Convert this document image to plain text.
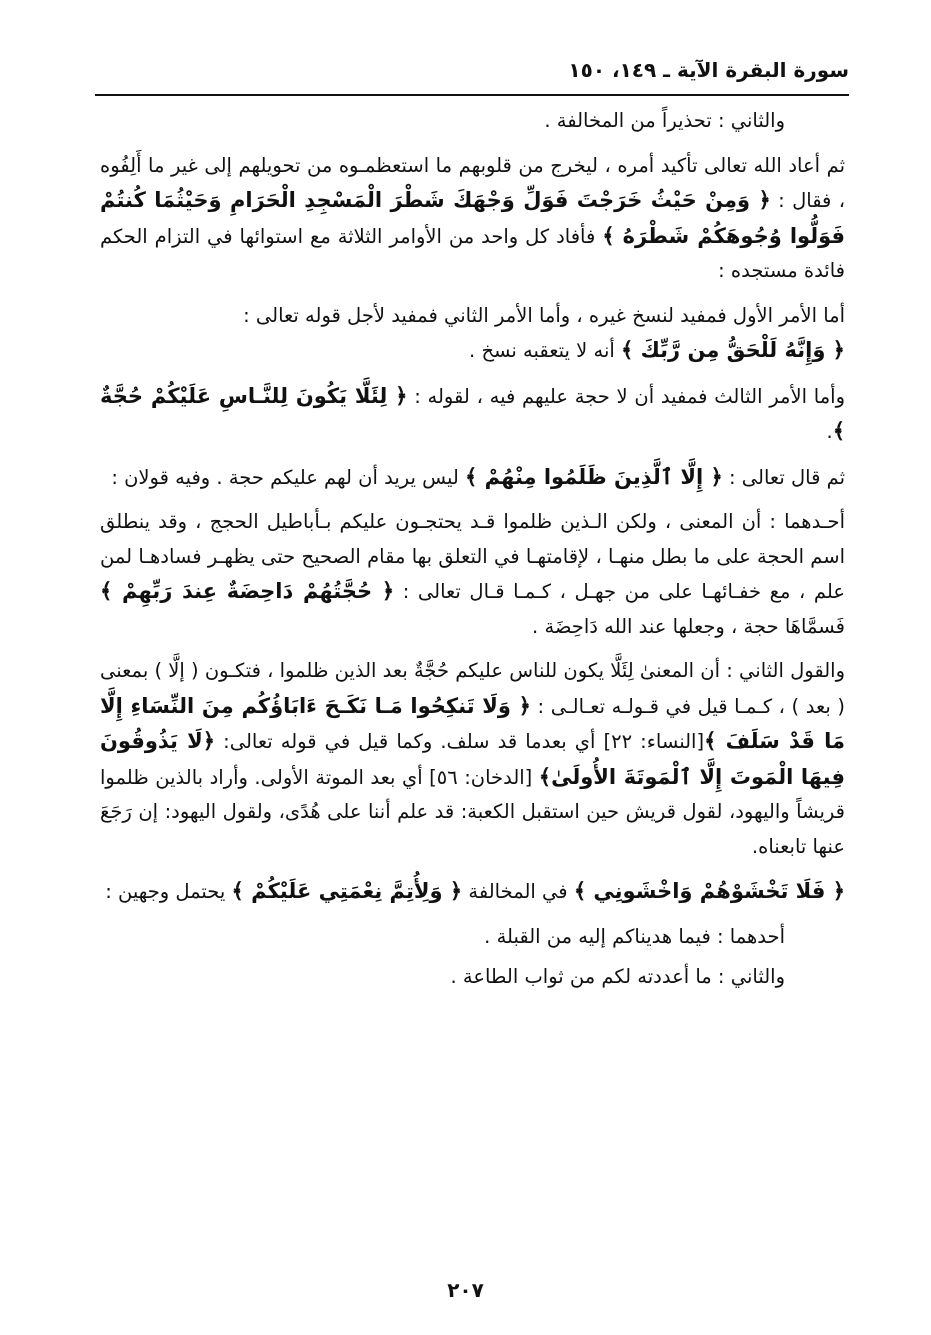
سورة البقرة الآية ـ ١٤٩، ١٥٠

والثاني : تحذيراً من المخالفة .

ثم أعاد الله تعالى تأكيد أمره ، ليخرج من قلوبهم ما استعظمـوه من تحويلهم إلى غير ما أَلِفُوه ، فقال : ﴿ وَمِنْ حَيْثُ خَرَجْتَ فَوَلِّ وَجْهَكَ شَطْرَ الْمَسْجِدِ الْحَرَامِ وَحَيْثُمَا كُنتُمْ فَوَلُّوا وُجُوهَكُمْ شَطْرَهُ ﴾ فأفاد كل واحد من الأوامر الثلاثة مع استوائها في التزام الحكم فائدة مستجده :

أما الأمر الأول فمفيد لنسخ غيره ، وأما الأمر الثاني فمفيد لأجل قوله تعالى :
﴿ وَإِنَّهُ لَلْحَقُّ مِن رَّبِّكَ ﴾ أنه لا يتعقبه نسخ .

وأما الأمر الثالث فمفيد أن لا حجة عليهم فيه ، لقوله : ﴿ لِئَلَّا يَكُونَ لِلنَّـاسِ عَلَيْكُمْ حُجَّةٌ ﴾.

ثم قال تعالى : ﴿ إِلَّا ٱلَّذِينَ ظَلَمُوا مِنْهُمْ ﴾ ليس يريد أن لهم عليكم حجة . وفيه قولان :

أحـدهما : أن المعنى ، ولكن الـذين ظلموا قـد يحتجـون عليكم بـأباطيل الحجج ، وقد ينطلق اسم الحجة على ما بطل منهـا ، لإقامتهـا في التعلق بها مقام الصحيح حتى يظهـر فسادهـا لمن علم ، مع خفـائهـا على من جهـل ، كـمـا قـال تعالى : ﴿ حُجَّتُهُمْ دَاحِضَةٌ عِندَ رَبِّهِمْ ﴾ فَسمَّاهَا حجة ، وجعلها عند الله دَاحِضَة .

والقول الثاني : أن المعنىٰ لِئَلَّا يكون للناس عليكم حُجَّةٌ بعد الذين ظلموا ، فتكـون ( إلَّا ) بمعنى ( بعد ) ، كـمـا قيل في قـولـه تعـالـى : ﴿ وَلَا تَنكِحُوا مَـا نَكَـحَ ءَابَاؤُكُم مِنَ النِّسَاءِ إِلَّا مَا قَدْ سَلَفَ ﴾[النساء: ٢٢] أي بعدما قد سلف. وكما قيل في قوله تعالى: ﴿لَا يَذُوقُونَ فِيهَا الْمَوتَ إِلَّا ٱلْمَوتَةَ الأُولَىٰ﴾ [الدخان: ٥٦] أي بعد الموتة الأولى. وأراد بالذين ظلموا قريشاً واليهود، لقول قريش حين استقبل الكعبة: قد علم أننا على هُدًى، ولقول اليهود: إن رَجَعَ عنها تابعناه.

﴿ فَلَا تَخْشَوْهُمْ وَاخْشَونِي ﴾ في المخالفة ﴿ وَلِأُتِمَّ نِعْمَتِي عَلَيْكُمْ ﴾ يحتمل وجهين :

أحدهما : فيما هديناكم إليه من القبلة .

والثاني : ما أعددته لكم من ثواب الطاعة .

٢٠٧
